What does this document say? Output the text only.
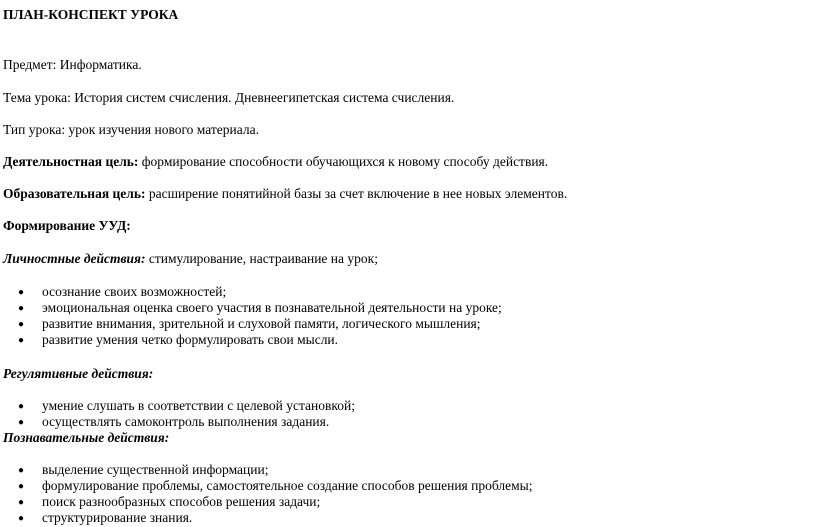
ПЛАН-КОНСПЕКТ УРОКА
Предмет: Информатика.
Тема урока: История систем счисления. Дневнеегипетская система счисления.
Тип урока: урок изучения нового материала.
Деятельностная цель: формирование способности обучающихся к новому способу действия.
Образовательная цель: расширение понятийной базы за счет включение в нее новых элементов.
Формирование УУД:
Личностные действия: стимулирование, настраивание на урок;
● осознание своих возможностей;
● эмоциональная оценка своего участия в познавательной деятельности на уроке;
● развитие внимания, зрительной и слуховой памяти, логического мышления;
● развитие умения четко формулировать свои мысли.
Регулятивные действия:
● умение слушать в соответствии с целевой установкой;
● осуществлять самоконтроль выполнения задания.
Познавательные действия:
● выделение существенной информации;
● формулирование проблемы, самостоятельное создание способов решения проблемы;
● поиск разнообразных способов решения задачи;
● структурирование знания.
